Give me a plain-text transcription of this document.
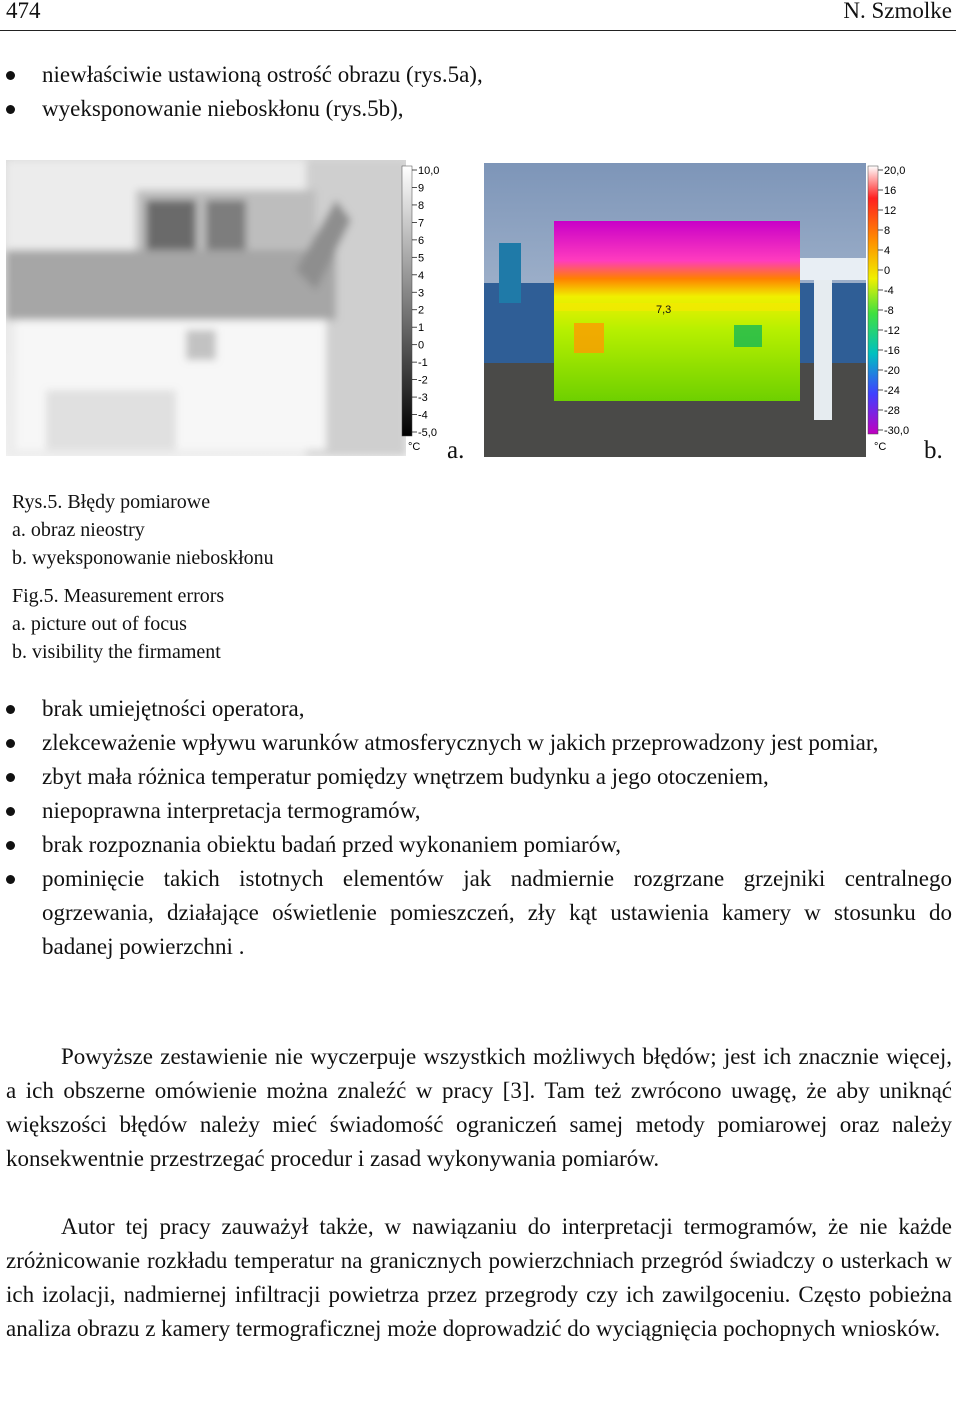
474	N. Szmolke
niewłaściwie ustawioną ostrość obrazu (rys.5a),
wyeksponowanie nieboskłonu (rys.5b),
10,0
9
8
7
6
5
4
3
2
1
0
-1
-2
-3
-4
-5,0
°C a.
7,3
20,0
16
12
8
4
0
-4
-8
-12
-16
-20
-24
-28
-30,0
°C b.
Rys.5. Błędy pomiarowe
a. obraz nieostry
b. wyeksponowanie nieboskłonu
Fig.5. Measurement errors
a. picture out of focus
b. visibility the firmament
brak umiejętności operatora,
zlekceważenie wpływu warunków atmosferycznych w jakich przeprowadzony jest pomiar,
zbyt mała różnica temperatur pomiędzy wnętrzem budynku a jego otoczeniem,
niepoprawna interpretacja termogramów,
brak rozpoznania obiektu badań przed wykonaniem pomiarów,
pominięcie takich istotnych elementów jak nadmiernie rozgrzane grzejniki centralnego ogrzewania, działające oświetlenie pomieszczeń, zły kąt ustawienia kamery w stosunku do badanej powierzchni .

Powyższe zestawienie nie wyczerpuje wszystkich możliwych błędów; jest ich znacznie więcej, a ich obszerne omówienie można znaleźć w pracy [3]. Tam też zwrócono uwagę, że aby uniknąć większości błędów należy mieć świadomość ograniczeń samej metody pomiarowej oraz należy konsekwentnie przestrzegać procedur i zasad wykonywania pomiarów.

Autor tej pracy zauważył także, w nawiązaniu do interpretacji termogramów, że nie każde zróżnicowanie rozkładu temperatur na granicznych powierzchniach przegród świadczy o usterkach w ich izolacji, nadmiernej infiltracji powietrza przez przegrody czy ich zawilgoceniu. Często pobieżna analiza obrazu z kamery termograficznej może doprowadzić do wyciągnięcia pochopnych wniosków.
